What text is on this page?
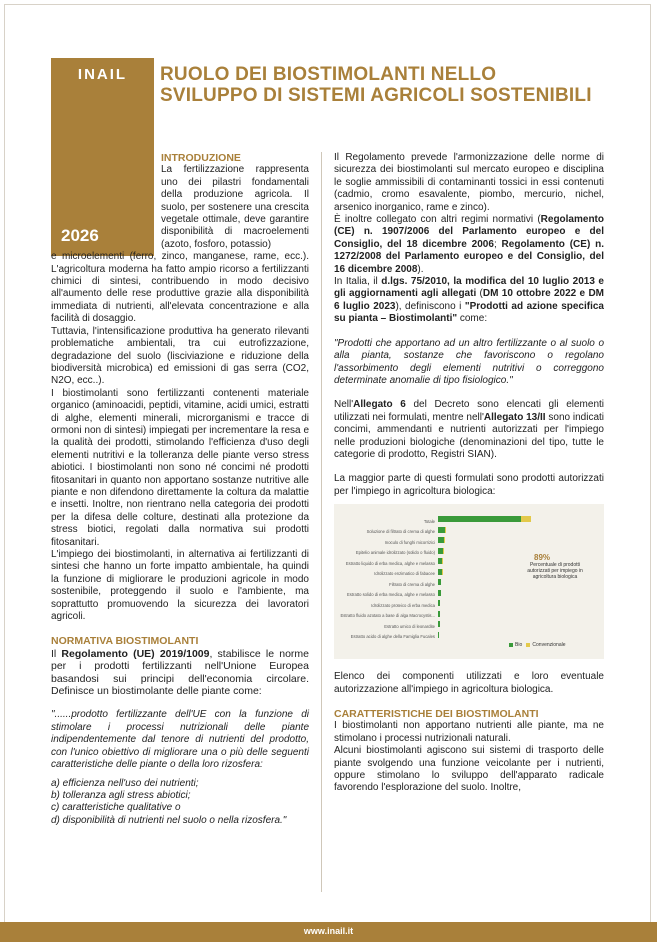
INAIL
2026
RUOLO DEI BIOSTIMOLANTI NELLO
SVILUPPO DI SISTEMI AGRICOLI SOSTENIBILI
INTRODUZIONE

La fertilizzazione rappresenta uno dei pilastri fondamentali della produzione agricola. Il suolo, per sostenere una crescita vegetale ottimale, deve garantire disponibilità di macroelementi (azoto, fosforo, potassio)

e microelementi (ferro, zinco, manganese, rame, ecc.). L'agricoltura moderna ha fatto ampio ricorso a fertilizzanti chimici di sintesi, contribuendo in modo decisivo all'aumento delle rese produttive grazie alla disponibilità immediata di nutrienti, all'elevata concentrazione e alla facilità di dosaggio.

Tuttavia, l'intensificazione produttiva ha generato rilevanti problematiche ambientali, tra cui eutrofizzazione, degradazione del suolo (lisciviazione e riduzione della biodiversità microbica) ed emissioni di gas serra (CO2, N2O, ecc..).

I biostimolanti sono fertilizzanti contenenti materiale organico (aminoacidi, peptidi, vitamine, acidi umici, estratti di alghe, elementi minerali, microrganismi e tracce di ormoni non di sintesi) impiegati per incrementare la resa e la qualità dei prodotti, stimolando l'efficienza d'uso degli elementi nutritivi e la tolleranza delle piante verso stress abiotici. I biostimolanti non sono né concimi né prodotti fitosanitari in quanto non apportano sostanze nutritive alle piante e non difendono direttamente la coltura da malattie e insetti. Inoltre, non rientrano nella categoria dei prodotti per la difesa delle colture, destinati alla protezione da stress biotici, regolati dalla normativa sui prodotti fitosanitari.

L'impiego dei biostimolanti, in alternativa ai fertilizzanti di sintesi che hanno un forte impatto ambientale, ha quindi la funzione di migliorare le produzioni agricole in modo sostenibile, proteggendo il suolo e l'ambiente, ma soprattutto promuovendo la sicurezza dei lavoratori agricoli.

NORMATIVA BIOSTIMOLANTI

Il Regolamento (UE) 2019/1009, stabilisce le norme per i prodotti fertilizzanti nell'Unione Europea basandosi sui principi dell'economia circolare. Definisce un biostimolante delle piante come:

"......prodotto fertilizzante dell'UE con la funzione di stimolare i processi nutrizionali delle piante indipendentemente dal tenore di nutrienti del prodotto, con l'unico obiettivo di migliorare una o più delle seguenti caratteristiche delle piante o della loro rizosfera:

a) efficienza nell'uso dei nutrienti;
b) tolleranza agli stress abiotici;
c) caratteristiche qualitative o
d) disponibilità di nutrienti nel suolo o nella rizosfera."

Il Regolamento prevede l'armonizzazione delle norme di sicurezza dei biostimolanti sul mercato europeo e disciplina le soglie ammissibili di contaminanti tossici in essi contenuti (cadmio, cromo esavalente, piombo, mercurio, nichel, arsenico inorganico, rame e zinco).

È inoltre collegato con altri regimi normativi (Regolamento (CE) n. 1907/2006 del Parlamento europeo e del Consiglio, del 18 dicembre 2006; Regolamento (CE) n. 1272/2008 del Parlamento europeo e del Consiglio, del 16 dicembre 2008).

In Italia, il d.lgs. 75/2010, la modifica del 10 luglio 2013 e gli aggiornamenti agli allegati (DM 10 ottobre 2022 e DM 6 luglio 2023), definiscono i "Prodotti ad azione specifica su pianta – Biostimolanti" come:

"Prodotti che apportano ad un altro fertilizzante o al suolo o alla pianta, sostanze che favoriscono o regolano l'assorbimento degli elementi nutritivi o correggono determinate anomalie di tipo fisiologico."

Nell'Allegato 6 del Decreto sono elencati gli elementi utilizzati nei formulati, mentre nell'Allegato 13/II sono indicati concimi, ammendanti e nutrienti autorizzati per l'impiego nelle produzioni biologiche (denominazioni del tipo, tutte le categorie di prodotto, Registri SIAN).

La maggior parte di questi formulati sono prodotti autorizzati per l'impiego in agricoltura biologica:

89%
Percentuale di prodotti autorizzati per impiego in agricoltura biologica
Bio Convenzionale
Totale
Soluzione di filtrato di crema di alghe
Inoculo di funghi micorrizici
Epitelio animale idrolizzato (solido o fluido)
Estratto liquido di erba medica, alghe e melasso
Idrolizzato enzimatico di fabacee
Filtrato di crema di alghe
Estratto solido di erba medica, alghe e melasso
Idrolizzato proteico di erba medica
Estratto fluido azotato a base di alga Macrocystis...
Estratto umico di leonardite
Estratto acido di alghe della Famiglia Fucales

Elenco dei componenti utilizzati e loro eventuale autorizzazione all'impiego in agricoltura biologica.

CARATTERISTICHE DEI BIOSTIMOLANTI

I biostimolanti non apportano nutrienti alle piante, ma ne stimolano i processi nutrizionali naturali.

Alcuni biostimolanti agiscono sui sistemi di trasporto delle piante svolgendo una funzione veicolante per i nutrienti, oppure stimolano lo sviluppo dell'apparato radicale favorendo l'esplorazione del suolo. Inoltre,

www.inail.it
